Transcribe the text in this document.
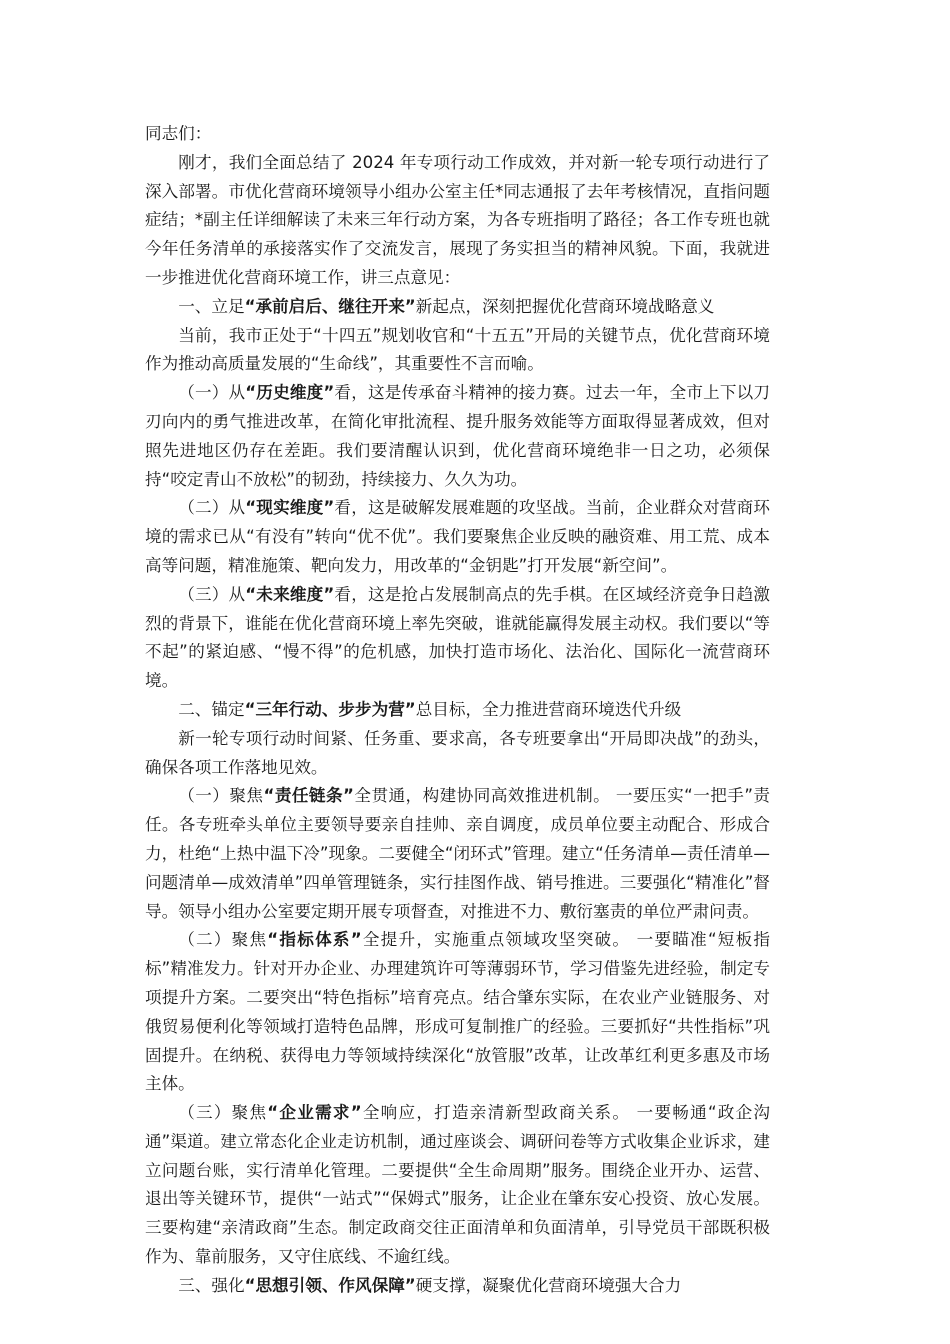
同志们：

刚才，我们全面总结了 2024 年专项行动工作成效，并对新一轮专项行动进行了深入部署。市优化营商环境领导小组办公室主任*同志通报了去年考核情况，直指问题症结；*副主任详细解读了未来三年行动方案，为各专班指明了路径；各工作专班也就今年任务清单的承接落实作了交流发言，展现了务实担当的精神风貌。下面，我就进一步推进优化营商环境工作，讲三点意见：

一、立足“承前启后、继往开来”新起点，深刻把握优化营商环境战略意义

当前，我市正处于“十四五”规划收官和“十五五”开局的关键节点，优化营商环境作为推动高质量发展的“生命线”，其重要性不言而喻。

（一）从“历史维度”看，这是传承奋斗精神的接力赛。过去一年，全市上下以刀刃向内的勇气推进改革，在简化审批流程、提升服务效能等方面取得显著成效，但对照先进地区仍存在差距。我们要清醒认识到，优化营商环境绝非一日之功，必须保持“咬定青山不放松”的韧劲，持续接力、久久为功。

（二）从“现实维度”看，这是破解发展难题的攻坚战。当前，企业群众对营商环境的需求已从“有没有”转向“优不优”。我们要聚焦企业反映的融资难、用工荒、成本高等问题，精准施策、靶向发力，用改革的“金钥匙”打开发展“新空间”。

（三）从“未来维度”看，这是抢占发展制高点的先手棋。在区域经济竞争日趋激烈的背景下，谁能在优化营商环境上率先突破，谁就能赢得发展主动权。我们要以“等不起”的紧迫感、“慢不得”的危机感，加快打造市场化、法治化、国际化一流营商环境。

二、锚定“三年行动、步步为营”总目标，全力推进营商环境迭代升级

新一轮专项行动时间紧、任务重、要求高，各专班要拿出“开局即决战”的劲头，确保各项工作落地见效。

（一）聚焦“责任链条”全贯通，构建协同高效推进机制。 一要压实“一把手”责任。各专班牵头单位主要领导要亲自挂帅、亲自调度，成员单位要主动配合、形成合力，杜绝“上热中温下冷”现象。二要健全“闭环式”管理。建立“任务清单—责任清单—问题清单—成效清单”四单管理链条，实行挂图作战、销号推进。三要强化“精准化”督导。领导小组办公室要定期开展专项督查，对推进不力、敷衍塞责的单位严肃问责。

（二）聚焦“指标体系”全提升，实施重点领域攻坚突破。 一要瞄准“短板指标”精准发力。针对开办企业、办理建筑许可等薄弱环节，学习借鉴先进经验，制定专项提升方案。二要突出“特色指标”培育亮点。结合肇东实际，在农业产业链服务、对俄贸易便利化等领域打造特色品牌，形成可复制推广的经验。三要抓好“共性指标”巩固提升。在纳税、获得电力等领域持续深化“放管服”改革，让改革红利更多惠及市场主体。

（三）聚焦“企业需求”全响应，打造亲清新型政商关系。 一要畅通“政企沟通”渠道。建立常态化企业走访机制，通过座谈会、调研问卷等方式收集企业诉求，建立问题台账，实行清单化管理。二要提供“全生命周期”服务。围绕企业开办、运营、退出等关键环节，提供“一站式”“保姆式”服务，让企业在肇东安心投资、放心发展。三要构建“亲清政商”生态。制定政商交往正面清单和负面清单，引导党员干部既积极作为、靠前服务，又守住底线、不逾红线。

三、强化“思想引领、作风保障”硬支撑，凝聚优化营商环境强大合力
